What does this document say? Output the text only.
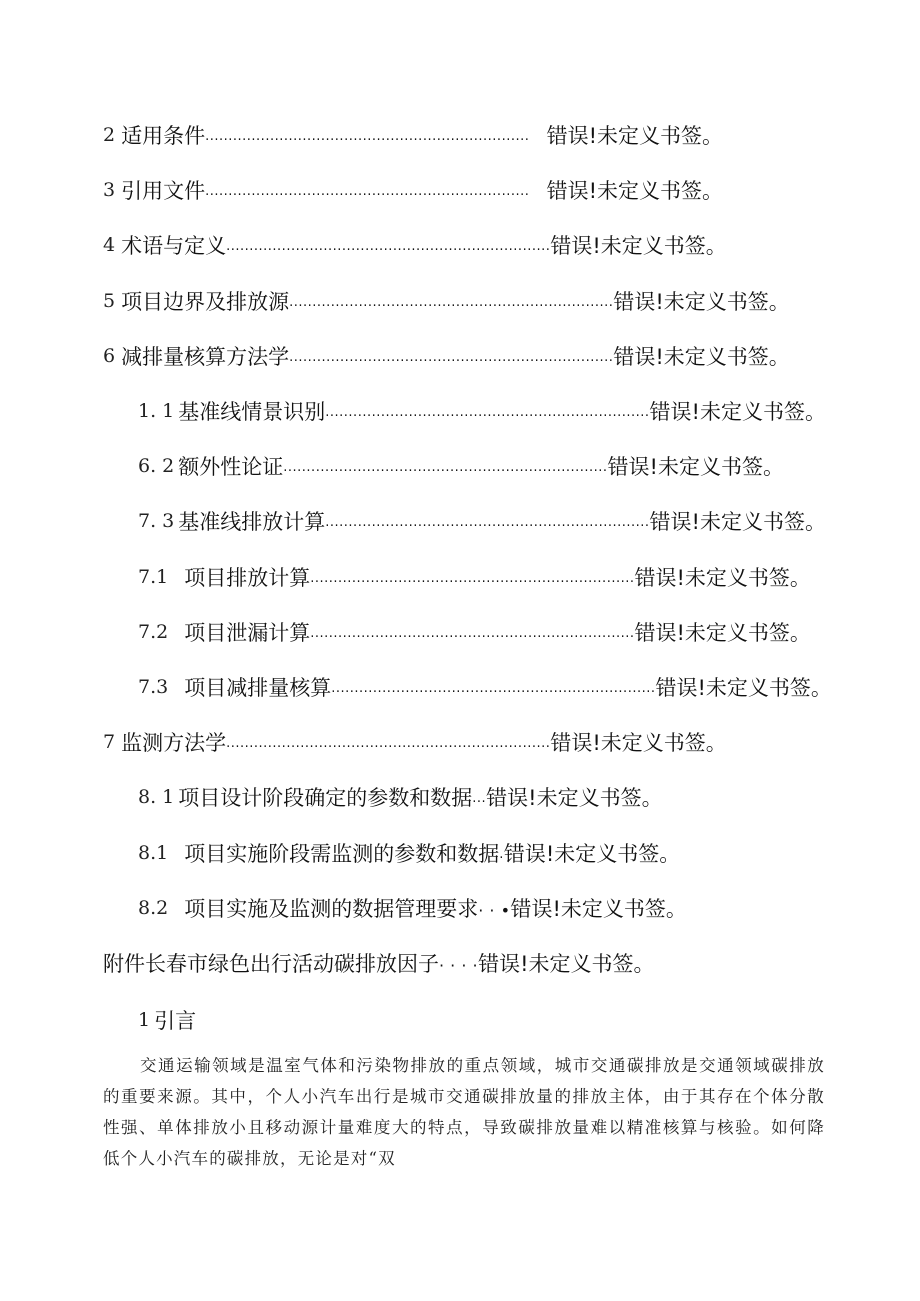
2 适用条件 ...................................................................... 错误!未定义书签。
3 引用文件 ...................................................................... 错误!未定义书签。
4 术语与定义 ...................................................................... 错误!未定义书签。
5 项目边界及排放源 ...................................................................... 错误!未定义书签。
6 减排量核算方法学 ...................................................................... 错误!未定义书签。
1. 1 基准线情景识别 ...................................................................... 错误!未定义书签。
6. 2 额外性论证 ...................................................................... 错误!未定义书签。
7. 3 基准线排放计算 ...................................................................... 错误!未定义书签。
7.1 项目排放计算 ...................................................................... 错误!未定义书签。
7.2 项目泄漏计算 ...................................................................... 错误!未定义书签。
7.3 项目减排量核算 ...................................................................... 错误!未定义书签。
7 监测方法学 ...................................................................... 错误!未定义书签。
8. 1 项目设计阶段确定的参数和数据 ... 错误!未定义书签。
8.1 项目实施阶段需监测的参数和数据 . 错误!未定义书签。
8.2 项目实施及监测的数据管理要求 · · • 错误!未定义书签。
附件长春市绿色出行活动碳排放因子 · · · · 错误!未定义书签。
1 引言

交通运输领域是温室气体和污染物排放的重点领域，城市交通碳排放是交通领域碳排放的重要来源。其中，个人小汽车出行是城市交通碳排放量的排放主体，由于其存在个体分散性强、单体排放小且移动源计量难度大的特点，导致碳排放量难以精准核算与核验。如何降低个人小汽车的碳排放，无论是对“双
